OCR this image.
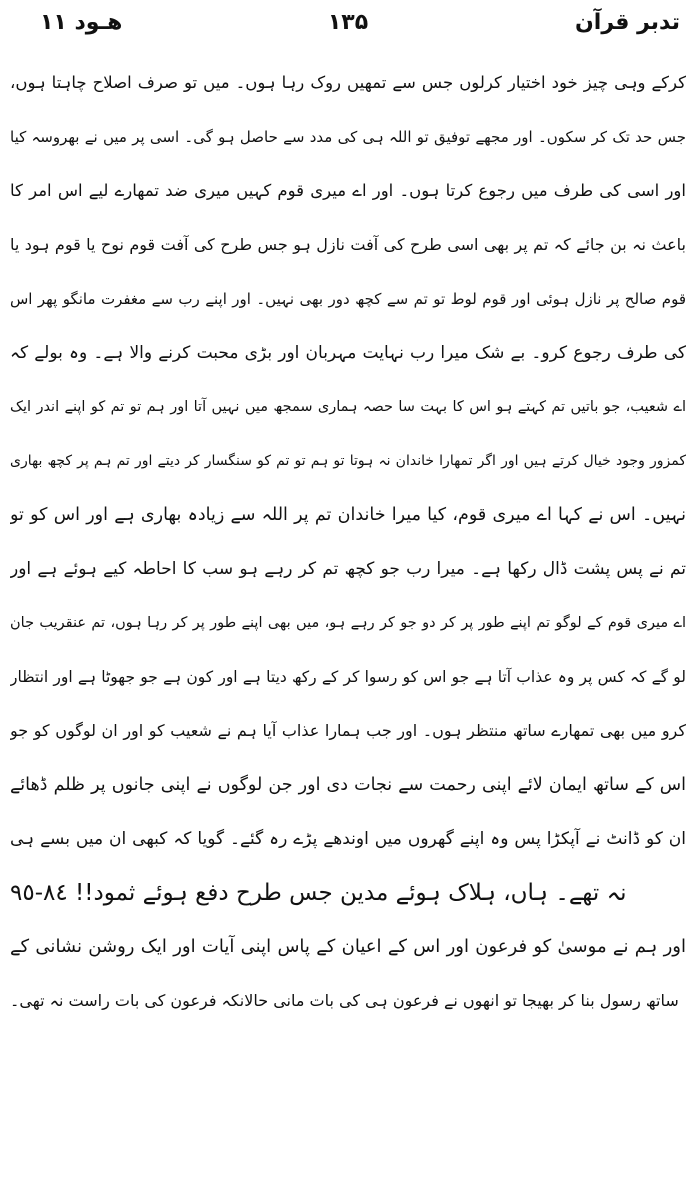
تدبر قرآن
١٣۵
هـود ١١
کرکے وہی چیز خود اختیار کرلوں جس سے تمھیں روک رہا ہوں۔ میں تو صرف اصلاح چاہتا ہوں،
جس حد تک کر سکوں۔ اور مجھے توفیق تو اللہ ہی کی مدد سے حاصل ہو گی۔ اسی پر میں نے بھروسہ کیا
اور اسی کی طرف میں رجوع کرتا ہوں۔ اور اے میری قوم کہیں میری ضد تمھارے لیے اس امر کا
باعث نہ بن جائے کہ تم پر بھی اسی طرح کی آفت نازل ہو جس طرح کی آفت قوم نوح یا قوم ہود یا
قوم صالح پر نازل ہوئی اور قوم لوط تو تم سے کچھ دور بھی نہیں۔ اور اپنے رب سے مغفرت مانگو پھر اس
کی طرف رجوع کرو۔ بے شک میرا رب نہایت مہربان اور بڑی محبت کرنے والا ہے۔ وہ بولے کہ
اے شعیب، جو باتیں تم کہتے ہو اس کا بہت سا حصہ ہماری سمجھ میں نہیں آتا اور ہم تو تم کو اپنے اندر ایک
کمزور وجود خیال کرتے ہیں اور اگر تمھارا خاندان نہ ہوتا تو ہم تو تم کو سنگسار کر دیتے اور تم ہم پر کچھ بھاری
نہیں۔ اس نے کہا اے میری قوم، کیا میرا خاندان تم پر اللہ سے زیادہ بھاری ہے اور اس کو تو
تم نے پس پشت ڈال رکھا ہے۔ میرا رب جو کچھ تم کر رہے ہو سب کا احاطہ کیے ہوئے ہے اور
اے میری قوم کے لوگو تم اپنے طور پر کر دو جو کر رہے ہو، میں بھی اپنے طور پر کر رہا ہوں، تم عنقریب جان
لو گے کہ کس پر وہ عذاب آتا ہے جو اس کو رسوا کر کے رکھ دیتا ہے اور کون ہے جو جھوٹا ہے اور انتظار
کرو میں بھی تمھارے ساتھ منتظر ہوں۔ اور جب ہمارا عذاب آیا ہم نے شعیب کو اور ان لوگوں کو جو
اس کے ساتھ ایمان لائے اپنی رحمت سے نجات دی اور جن لوگوں نے اپنی جانوں پر ظلم ڈھائے
ان کو ڈانٹ نے آپکڑا پس وہ اپنے گھروں میں اوندھے پڑے رہ گئے۔ گویا کہ کبھی ان میں بسے ہی
نہ تھے۔ ہاں، ہلاک ہوئے مدین جس طرح دفع ہوئے ثمود!! ٨٤-٩٥
اور ہم نے موسیٰ کو فرعون اور اس کے اعیان کے پاس اپنی آیات اور ایک روشن نشانی کے
ساتھ رسول بنا کر بھیجا تو انھوں نے فرعون ہی کی بات مانی حالانکہ فرعون کی بات راست نہ تھی۔
